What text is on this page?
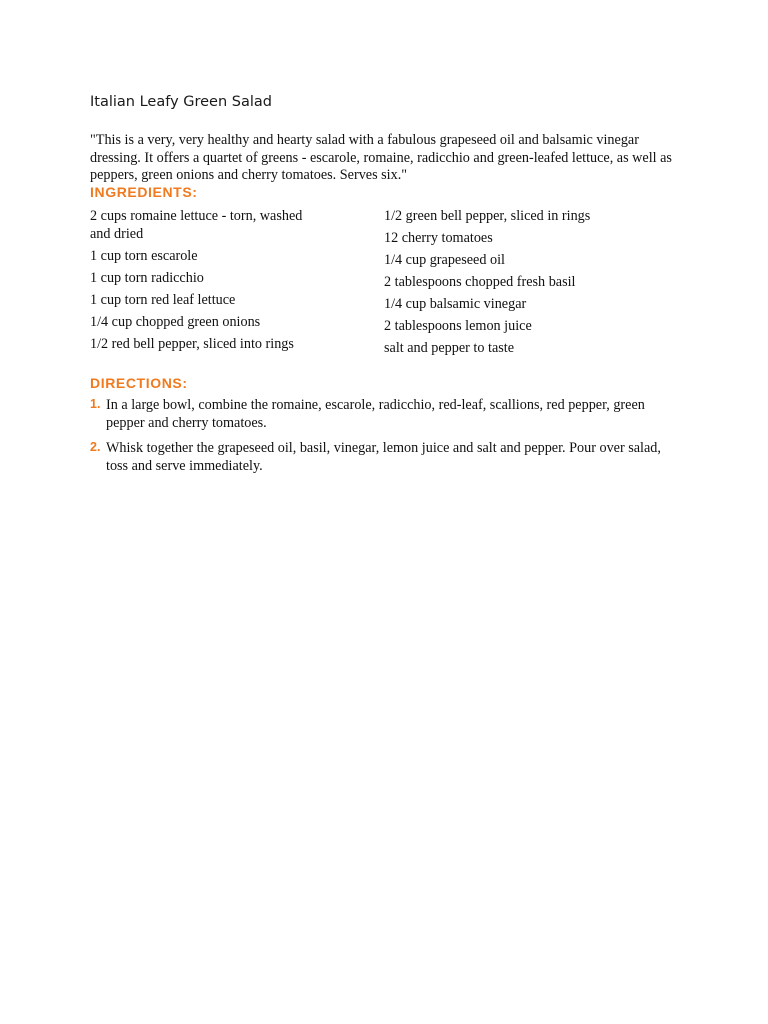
Italian Leafy Green Salad
"This is a very, very healthy and hearty salad with a fabulous grapeseed oil and balsamic vinegar dressing. It offers a quartet of greens - escarole, romaine, radicchio and green-leafed lettuce, as well as peppers, green onions and cherry tomatoes. Serves six."
INGREDIENTS:
2 cups romaine lettuce - torn, washed and dried
1 cup torn escarole
1 cup torn radicchio
1 cup torn red leaf lettuce
1/4 cup chopped green onions
1/2 red bell pepper, sliced into rings
1/2 green bell pepper, sliced in rings
12 cherry tomatoes
1/4 cup grapeseed oil
2 tablespoons chopped fresh basil
1/4 cup balsamic vinegar
2 tablespoons lemon juice
salt and pepper to taste
DIRECTIONS:
1. In a large bowl, combine the romaine, escarole, radicchio, red-leaf, scallions, red pepper, green pepper and cherry tomatoes.
2. Whisk together the grapeseed oil, basil, vinegar, lemon juice and salt and pepper. Pour over salad, toss and serve immediately.
